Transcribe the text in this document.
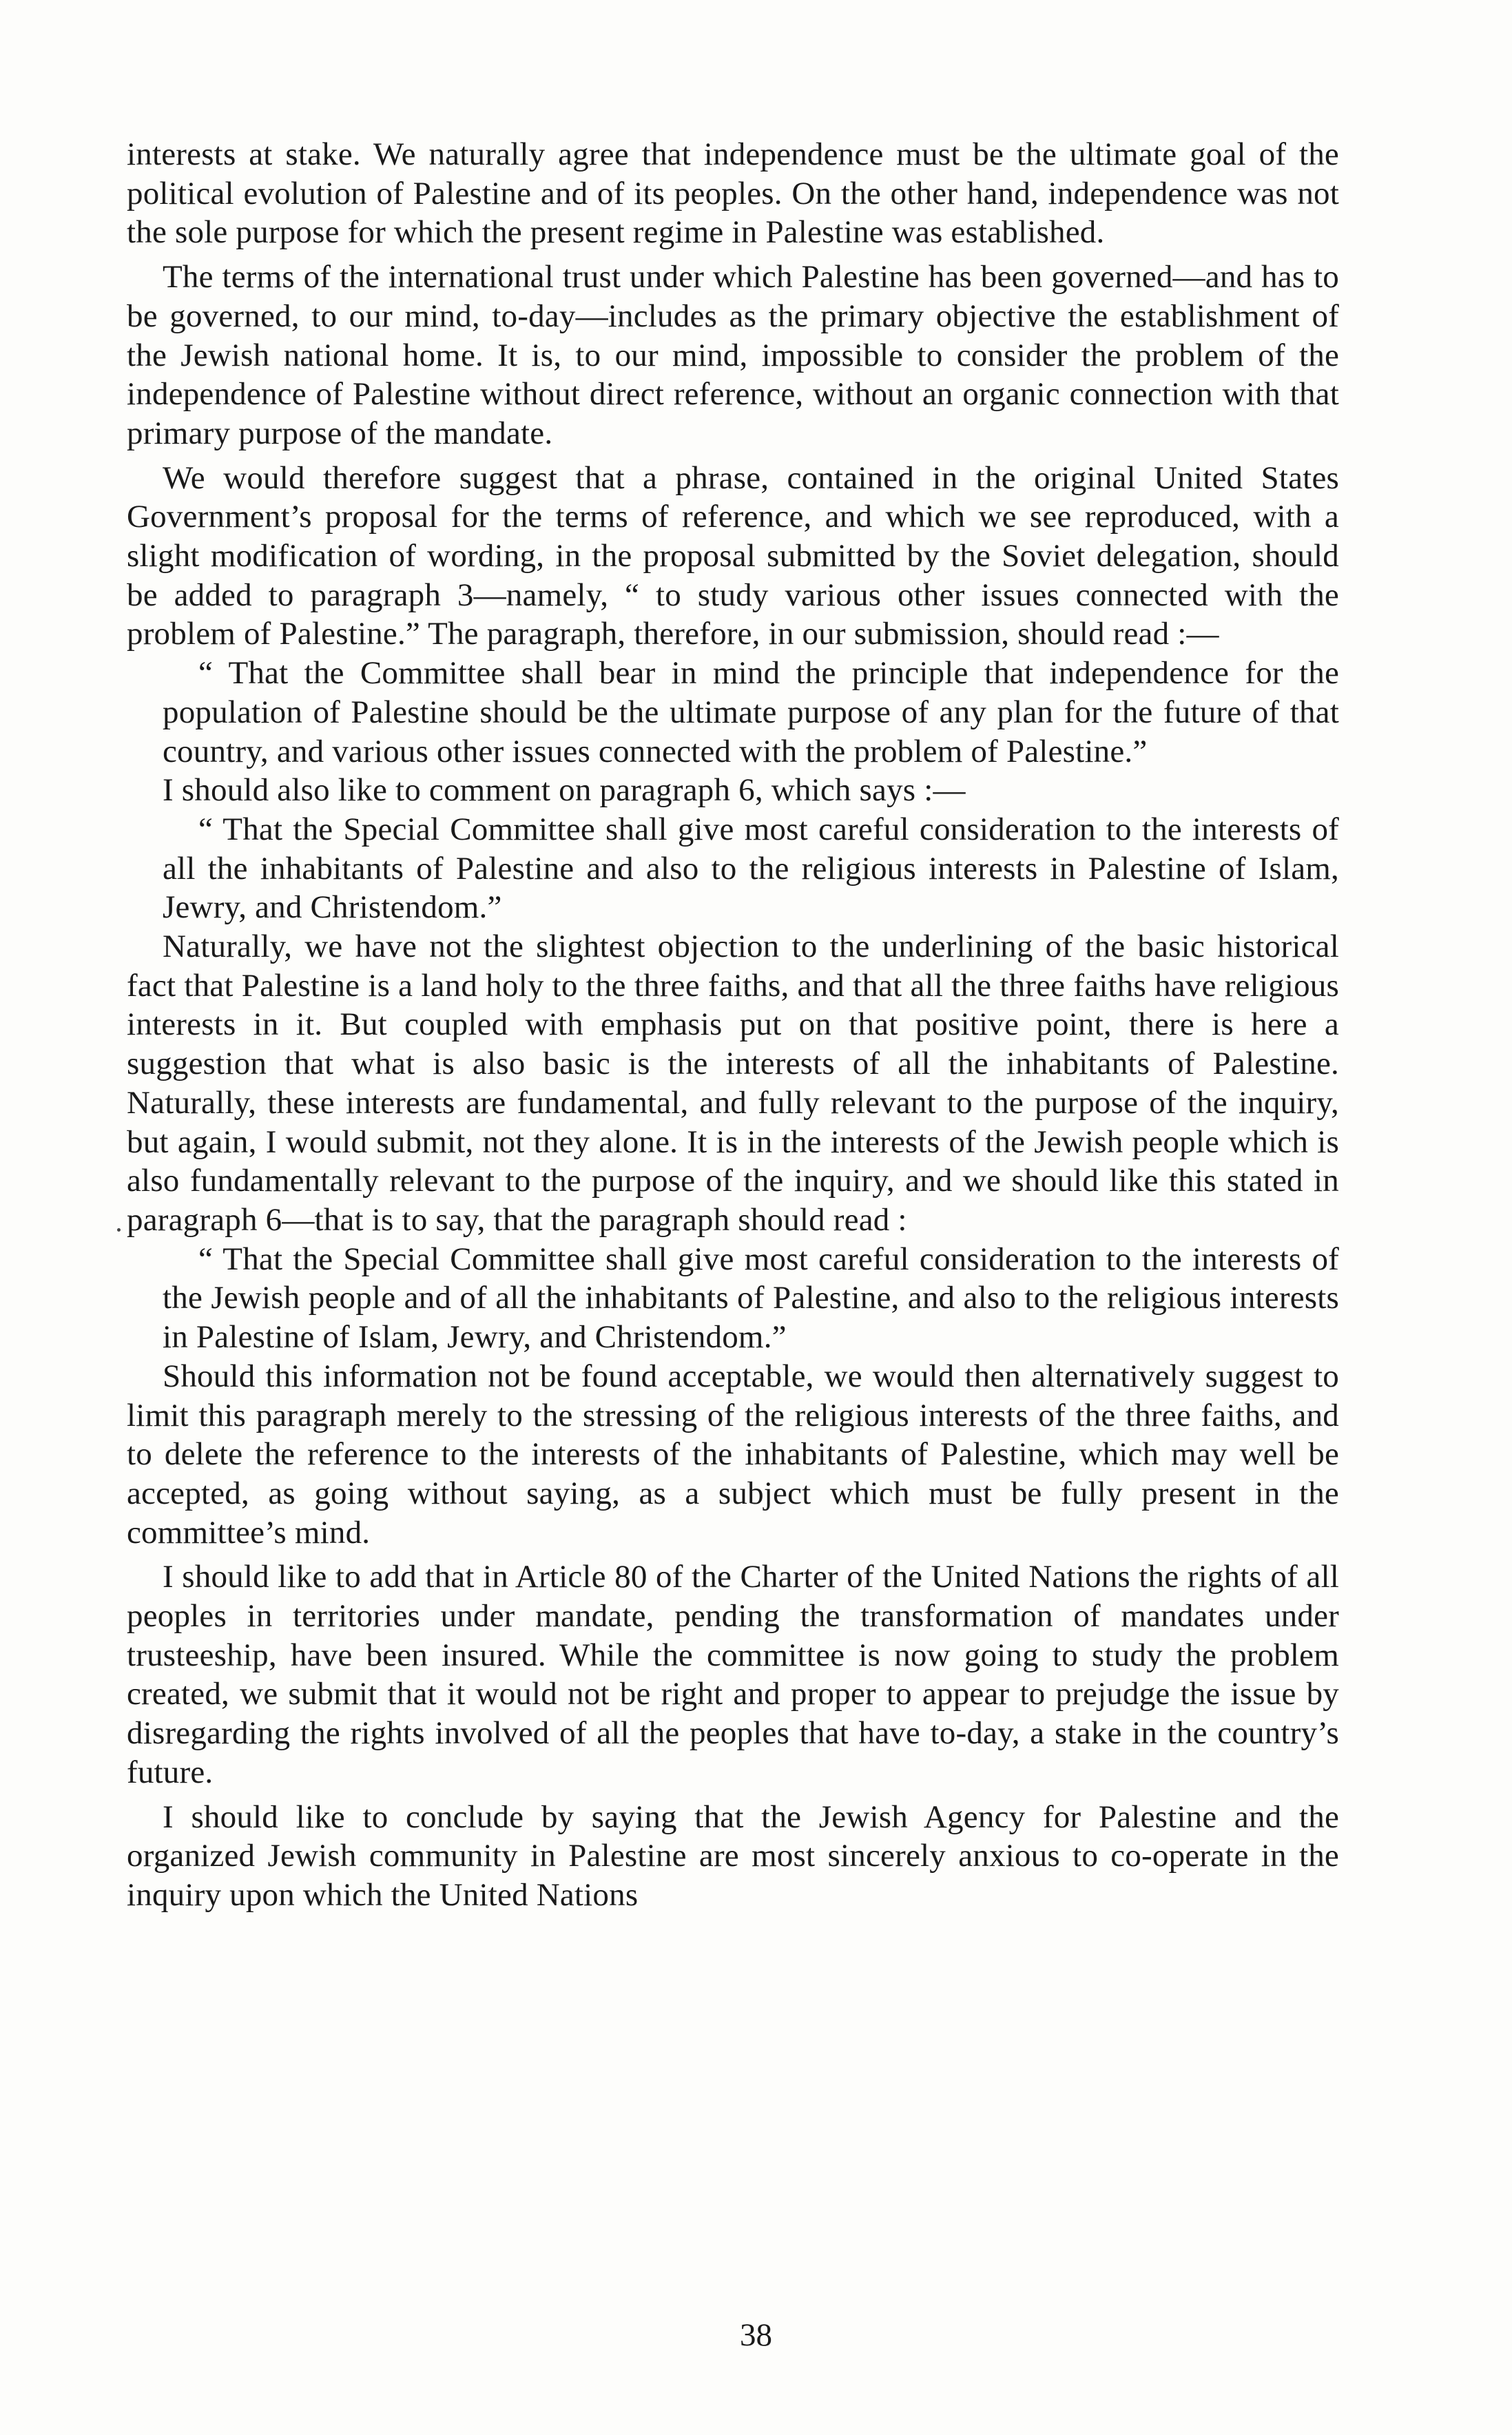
interests at stake. We naturally agree that independence must be the ultimate goal of the political evolution of Palestine and of its peoples. On the other hand, independence was not the sole purpose for which the present regime in Palestine was established.

The terms of the international trust under which Palestine has been governed—and has to be governed, to our mind, to-day—includes as the primary objective the establishment of the Jewish national home. It is, to our mind, impossible to consider the problem of the independence of Palestine without direct reference, without an organic connection with that primary purpose of the mandate.

We would therefore suggest that a phrase, contained in the original United States Government’s proposal for the terms of reference, and which we see reproduced, with a slight modification of wording, in the proposal submitted by the Soviet delegation, should be added to paragraph 3—namely, “ to study various other issues connected with the problem of Palestine.” The paragraph, therefore, in our submission, should read :—

“ That the Committee shall bear in mind the principle that independence for the population of Palestine should be the ultimate purpose of any plan for the future of that country, and various other issues connected with the problem of Palestine.”

I should also like to comment on paragraph 6, which says :—

“ That the Special Committee shall give most careful consideration to the interests of all the inhabitants of Palestine and also to the religious interests in Palestine of Islam, Jewry, and Christendom.”

Naturally, we have not the slightest objection to the underlining of the basic historical fact that Palestine is a land holy to the three faiths, and that all the three faiths have religious interests in it. But coupled with emphasis put on that positive point, there is here a suggestion that what is also basic is the interests of all the inhabitants of Palestine. Naturally, these interests are fundamental, and fully relevant to the purpose of the inquiry, but again, I would submit, not they alone. It is in the interests of the Jewish people which is also fundamentally relevant to the purpose of the inquiry, and we should like this stated in paragraph 6—that is to say, that the paragraph should read :

“ That the Special Committee shall give most careful consideration to the interests of the Jewish people and of all the inhabitants of Palestine, and also to the religious interests in Palestine of Islam, Jewry, and Christendom.”

Should this information not be found acceptable, we would then alternatively suggest to limit this paragraph merely to the stressing of the religious interests of the three faiths, and to delete the reference to the interests of the inhabitants of Palestine, which may well be accepted, as going without saying, as a subject which must be fully present in the committee’s mind.

I should like to add that in Article 80 of the Charter of the United Nations the rights of all peoples in territories under mandate, pending the transformation of mandates under trusteeship, have been insured. While the committee is now going to study the problem created, we submit that it would not be right and proper to appear to prejudge the issue by disregarding the rights involved of all the peoples that have to-day, a stake in the country’s future.

I should like to conclude by saying that the Jewish Agency for Palestine and the organized Jewish community in Palestine are most sincerely anxious to co-operate in the inquiry upon which the United Nations

38
